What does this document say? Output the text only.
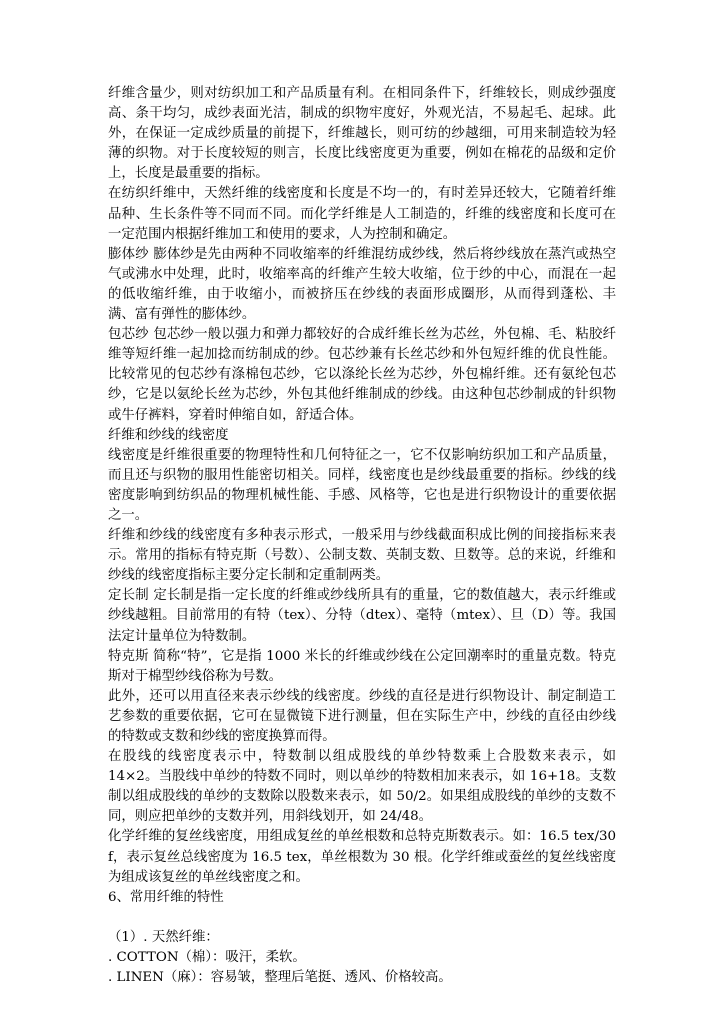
纤维含量少，则对纺织加工和产品质量有利。在相同条件下，纤维较长，则成纱强度高、条干均匀，成纱表面光洁，制成的织物牢度好，外观光洁，不易起毛、起球。此外，在保证一定成纱质量的前提下，纤维越长，则可纺的纱越细，可用来制造较为轻薄的织物。对于长度较短的则言，长度比线密度更为重要，例如在棉花的品级和定价上，长度是最重要的指标。

在纺织纤维中，天然纤维的线密度和长度是不均一的，有时差异还较大，它随着纤维品种、生长条件等不同而不同。而化学纤维是人工制造的，纤维的线密度和长度可在一定范围内根据纤维加工和使用的要求，人为控制和确定。

膨体纱 膨体纱是先由两种不同收缩率的纤维混纺成纱线，然后将纱线放在蒸汽或热空气或沸水中处理，此时，收缩率高的纤维产生较大收缩，位于纱的中心，而混在一起的低收缩纤维，由于收缩小，而被挤压在纱线的表面形成圈形，从而得到蓬松、丰满、富有弹性的膨体纱。

包芯纱 包芯纱一般以强力和弹力都较好的合成纤维长丝为芯丝，外包棉、毛、粘胶纤维等短纤维一起加捻而纺制成的纱。包芯纱兼有长丝芯纱和外包短纤维的优良性能。比较常见的包芯纱有涤棉包芯纱，它以涤纶长丝为芯纱，外包棉纤维。还有氨纶包芯纱，它是以氨纶长丝为芯纱，外包其他纤维制成的纱线。由这种包芯纱制成的针织物或牛仔裤料，穿着时伸缩自如，舒适合体。

纤维和纱线的线密度

线密度是纤维很重要的物理特性和几何特征之一，它不仅影响纺织加工和产品质量，而且还与织物的服用性能密切相关。同样，线密度也是纱线最重要的指标。纱线的线密度影响到纺织品的物理机械性能、手感、风格等，它也是进行织物设计的重要依据之一。

纤维和纱线的线密度有多种表示形式，一般采用与纱线截面积成比例的间接指标来表示。常用的指标有特克斯（号数）、公制支数、英制支数、旦数等。总的来说，纤维和纱线的线密度指标主要分定长制和定重制两类。

定长制 定长制是指一定长度的纤维或纱线所具有的重量，它的数值越大，表示纤维或纱线越粗。目前常用的有特（tex）、分特（dtex）、毫特（mtex）、旦（D）等。我国法定计量单位为特数制。

特克斯 简称“特”，它是指 1000 米长的纤维或纱线在公定回潮率时的重量克数。特克斯对于棉型纱线俗称为号数。

此外，还可以用直径来表示纱线的线密度。纱线的直径是进行织物设计、制定制造工艺参数的重要依据，它可在显微镜下进行测量，但在实际生产中，纱线的直径由纱线的特数或支数和纱线的密度换算而得。

在股线的线密度表示中，特数制以组成股线的单纱特数乘上合股数来表示，如 14×2。当股线中单纱的特数不同时，则以单纱的特数相加来表示，如 16+18。支数制以组成股线的单纱的支数除以股数来表示，如 50/2。如果组成股线的单纱的支数不同，则应把单纱的支数并列，用斜线划开，如 24/48。

化学纤维的复丝线密度，用组成复丝的单丝根数和总特克斯数表示。如：16.5 tex/30 f，表示复丝总线密度为 16.5 tex，单丝根数为 30 根。化学纤维或蚕丝的复丝线密度为组成该复丝的单丝线密度之和。

6、常用纤维的特性

（1）. 天然纤维：

. COTTON（棉）：吸汗，柔软。

. LINEN（麻）：容易皱，整理后笔挺、透风、价格较高。
